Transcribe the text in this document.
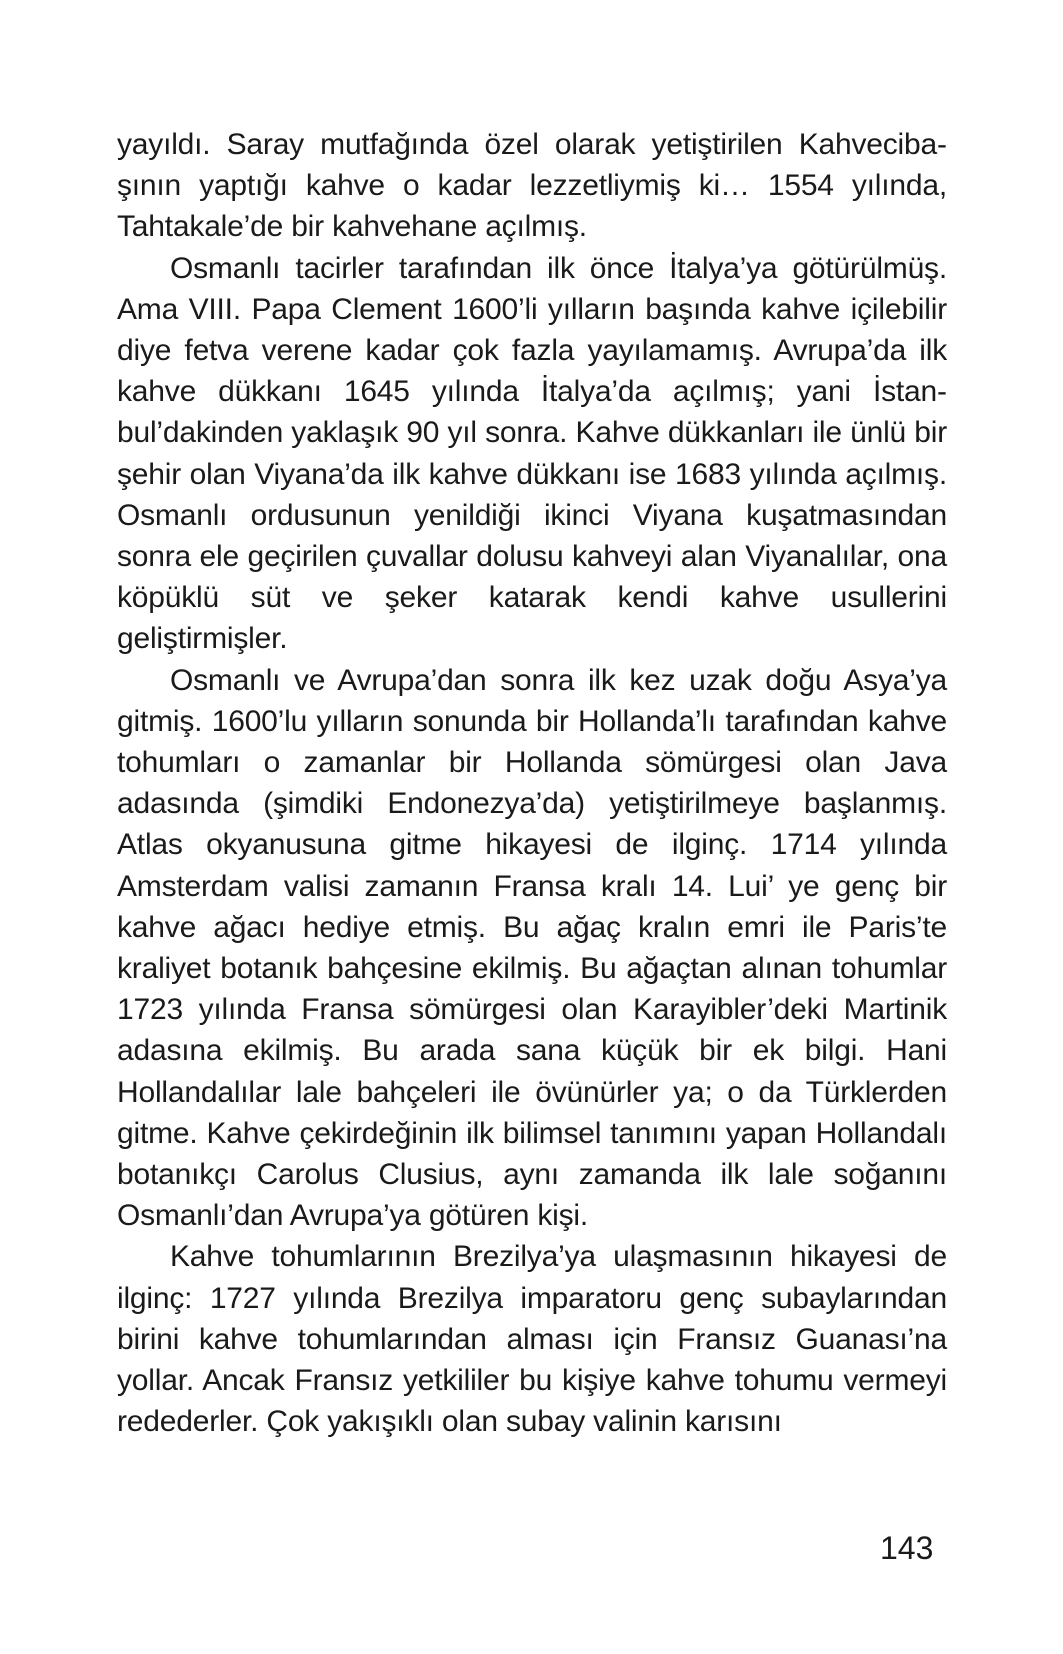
yayıldı. Saray mutfağında özel olarak yetiştirilen Kahvecibaşının yaptığı kahve o kadar lezzetliymiş ki… 1554 yılında, Tahtakale’de bir kahvehane açılmış.

Osmanlı tacirler tarafından ilk önce İtalya’ya götürülmüş. Ama VIII. Papa Clement 1600’li yılların başında kahve içilebilir diye fetva verene kadar çok fazla yayılamamış. Avrupa’da ilk kahve dükkanı 1645 yılında İtalya’da açılmış; yani İstanbul’dakinden yaklaşık 90 yıl sonra. Kahve dükkanları ile ünlü bir şehir olan Viyana’da ilk kahve dükkanı ise 1683 yılında açılmış. Osmanlı ordusunun yenildiği ikinci Viyana kuşatmasından sonra ele geçirilen çuvallar dolusu kahveyi alan Viyanalılar, ona köpüklü süt ve şeker katarak kendi kahve usullerini geliştirmişler.

Osmanlı ve Avrupa’dan sonra ilk kez uzak doğu Asya’ya gitmiş. 1600’lu yılların sonunda bir Hollanda’lı tarafından kahve tohumları o zamanlar bir Hollanda sömürgesi olan Java adasında (şimdiki Endonezya’da) yetiştirilmeye başlanmış. Atlas okyanusuna gitme hikayesi de ilginç. 1714 yılında Amsterdam valisi zamanın Fransa kralı 14. Lui’ ye genç bir kahve ağacı hediye etmiş. Bu ağaç kralın emri ile Paris’te kraliyet botanık bahçesine ekilmiş. Bu ağaçtan alınan tohumlar 1723 yılında Fransa sömürgesi olan Karayibler’deki Martinik adasına ekilmiş. Bu arada sana küçük bir ek bilgi. Hani Hollandalılar lale bahçeleri ile övünürler ya; o da Türklerden gitme. Kahve çekirdeğinin ilk bilimsel tanımını yapan Hollandalı botanıkçı Carolus Clusius, aynı zamanda ilk lale soğanını Osmanlı’dan Avrupa’ya götüren kişi.

Kahve tohumlarının Brezilya’ya ulaşmasının hikayesi de ilginç: 1727 yılında Brezilya imparatoru genç subaylarından birini kahve tohumlarından alması için Fransız Guanası’na yollar. Ancak Fransız yetkililer bu kişiye kahve tohumu vermeyi redederler. Çok yakışıklı olan subay valinin karısını

143
